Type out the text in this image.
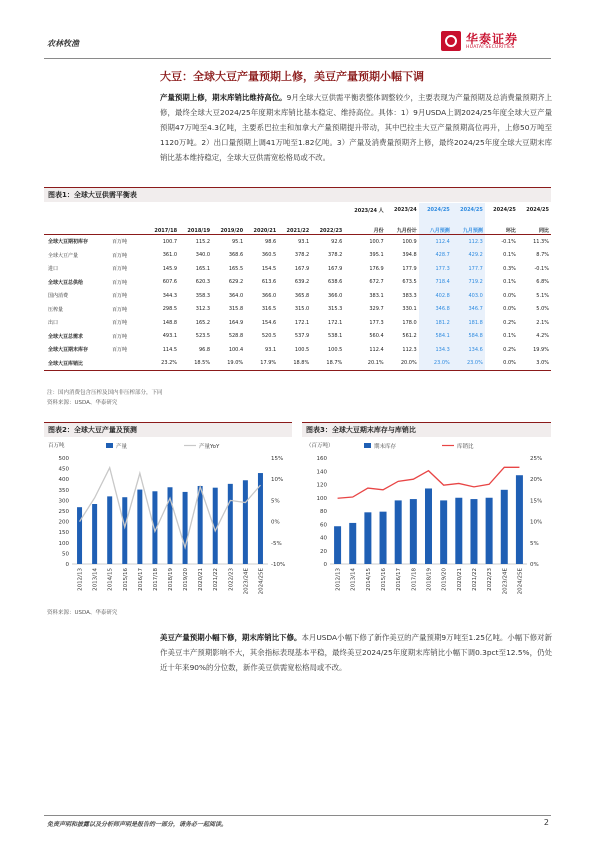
农林牧渔	华泰证券
HUATAI SECURITIES
大豆：全球大豆产量预期上修，美豆产量预期小幅下调
产量预期上修，期末库销比维持高位。9月全球大豆供需平衡表整体调整较少，主要表现为产量预期及总消费量预期齐上修，最终全球大豆2024/25年度期末库销比基本稳定、维持高位。具体：1）9月USDA上调2024/25年度全球大豆产量预期47万吨至4.3亿吨，主要系巴拉圭和加拿大产量预期提升带动，其中巴拉圭大豆产量预期高位再升，上修50万吨至1120万吨。2）出口量预期上调41万吨至1.82亿吨。3）产量及消费量预期齐上修，最终2024/25年度全球大豆期末库销比基本维持稳定，全球大豆供需宽松格局或不改。
图表1：全球大豆供需平衡表
								2023/24 人	2023/24	2024/25	2024/25	2024/25	2024/25
		2017/18	2018/19	2019/20	2020/21	2021/22	2022/23	月份	九月份计	八月预测	九月预测	环比	同比
全球大豆期初库存	百万吨	100.7	115.2	95.1	98.6	93.1	92.6	100.7	100.9	112.4	112.3	-0.1%	11.3%
全球大豆产量	百万吨	361.0	340.0	368.6	360.5	378.2	378.2	395.1	394.8	428.7	429.2	0.1%	8.7%
进口	百万吨	145.9	165.1	165.5	154.5	167.9	167.9	176.9	177.9	177.3	177.7	0.3%	-0.1%
全球大豆总供给	百万吨	607.6	620.3	629.2	613.6	639.2	638.6	672.7	673.5	718.4	719.2	0.1%	6.8%
国内消费	百万吨	344.3	358.3	364.0	366.0	365.8	366.0	383.1	383.3	402.8	403.0	0.0%	5.1%
压榨量	百万吨	298.5	312.3	315.8	316.5	315.0	315.3	329.7	330.1	346.8	346.7	0.0%	5.0%
出口	百万吨	148.8	165.2	164.9	154.6	172.1	172.1	177.3	178.0	181.2	181.8	0.2%	2.1%
全球大豆总需求	百万吨	493.1	523.5	528.8	520.5	537.9	538.1	560.4	561.2	584.1	584.8	0.1%	4.2%
全球大豆期末库存	百万吨	114.5	96.8	100.4	93.1	100.5	100.5	112.4	112.3	134.3	134.6	0.2%	19.9%
全球大豆库销比		23.2%	18.5%	19.0%	17.9%	18.8%	18.7%	20.1%	20.0%	23.0%	23.0%	0.0%	3.0%
注：国内消费包含压榨及国内非压榨部分，下同
资料来源：USDA、华泰研究
图表2：全球大豆产量及预测	图表3：全球大豆期末库存与库销比
百万吨	产量	产量YoY
0
50
100
150
200
250
300
350
400
450
500
-10%
-5%
0%
5%
10%
15%
2012/13 2013/14 2014/15 2015/16 2016/17 2017/18 2018/19 2019/20 2020/21 2021/22 2022/23 2023/24E 2024/25E
（百万吨）	期末库存	库销比
0
20
40
60
80
100
120
140
160
0%
5%
10%
15%
20%
25%
2012/13 2013/14 2014/15 2015/16 2016/17 2017/18 2018/19 2019/20 2020/21 2021/22 2022/23 2023/24E 2024/25E
资料来源：USDA、华泰研究
美豆产量预期小幅下修，期末库销比下修。本月USDA小幅下修了新作美豆的产量预期9万吨至1.25亿吨。小幅下修对新作美豆丰产预期影响不大，其余指标表现基本平稳，最终美豆2024/25年度期末库销比小幅下调0.3pct至12.5%，仍处近十年来90%的分位数，新作美豆供需宽松格局或不改。
免责声明和披露以及分析师声明是报告的一部分，请务必一起阅读。	2
